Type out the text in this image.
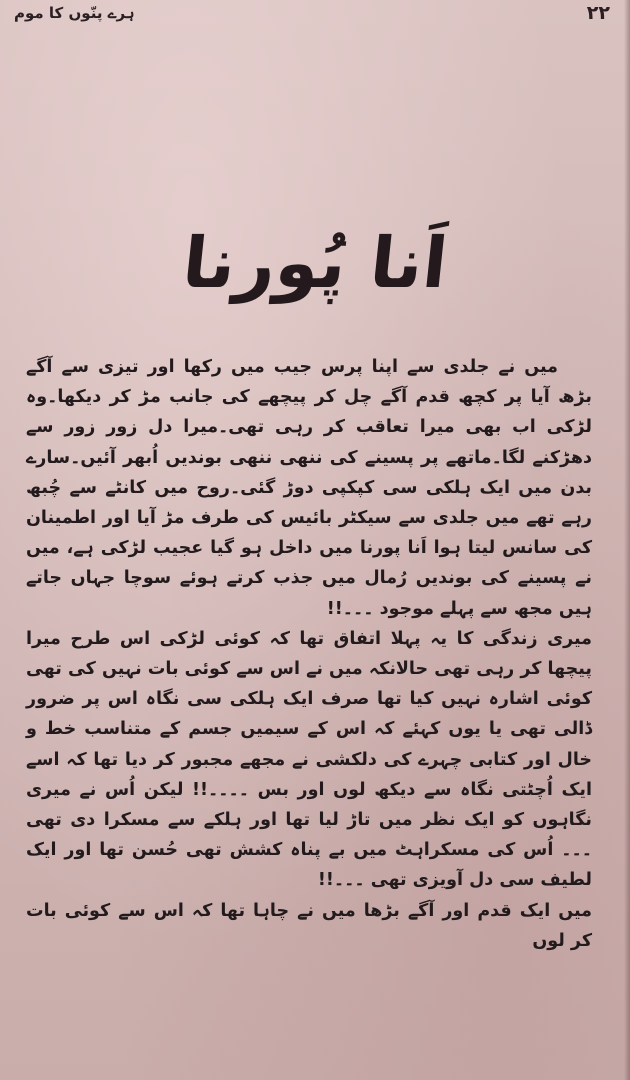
ہرے پنّوں کا موم	٢٢
اَنا پُورنا

میں نے جلدی سے اپنا پرس جیب میں رکھا اور تیزی سے آگے بڑھ آیا پر کچھ قدم آگے چل کر پیچھے کی جانب مڑ کر دیکھا۔وہ لڑکی اب بھی میرا تعاقب کر رہی تھی۔میرا دل زور زور سے دھڑکنے لگا۔ماتھے پر پسینے کی ننھی ننھی بوندیں اُبھر آئیں۔سارے بدن میں ایک ہلکی سی کپکپی دوڑ گئی۔روح میں کانٹے سے چُبھ رہے تھے میں جلدی سے سیکٹر بائیس کی طرف مڑ آیا اور اطمینان کی سانس لیتا ہوا اَنا پورنا میں داخل ہو گیا عجیب لڑکی ہے، میں نے پسینے کی بوندیں رُمال میں جذب کرتے ہوئے سوچا جہاں جاتے ہیں مجھ سے پہلے موجود ۔۔۔!!

میری زندگی کا یہ پہلا اتفاق تھا کہ کوئی لڑکی اس طرح میرا پیچھا کر رہی تھی حالانکہ میں نے اس سے کوئی بات نہیں کی تھی کوئی اشارہ نہیں کیا تھا صرف ایک ہلکی سی نگاہ اس پر ضرور ڈالی تھی یا یوں کہئے کہ اس کے سیمیں جسم کے متناسب خط و خال اور کتابی چہرے کی دلکشی نے مجھے مجبور کر دیا تھا کہ اسے ایک اُچٹتی نگاہ سے دیکھ لوں اور بس ۔۔۔۔!! لیکن اُس نے میری نگاہوں کو ایک نظر میں تاڑ لیا تھا اور ہلکے سے مسکرا دی تھی ۔۔۔ اُس کی مسکراہٹ میں بے پناہ کشش تھی حُسن تھا اور ایک لطیف سی دل آویزی تھی ۔۔۔!!

میں ایک قدم اور آگے بڑھا میں نے چاہا تھا کہ اس سے کوئی بات کر لوں
